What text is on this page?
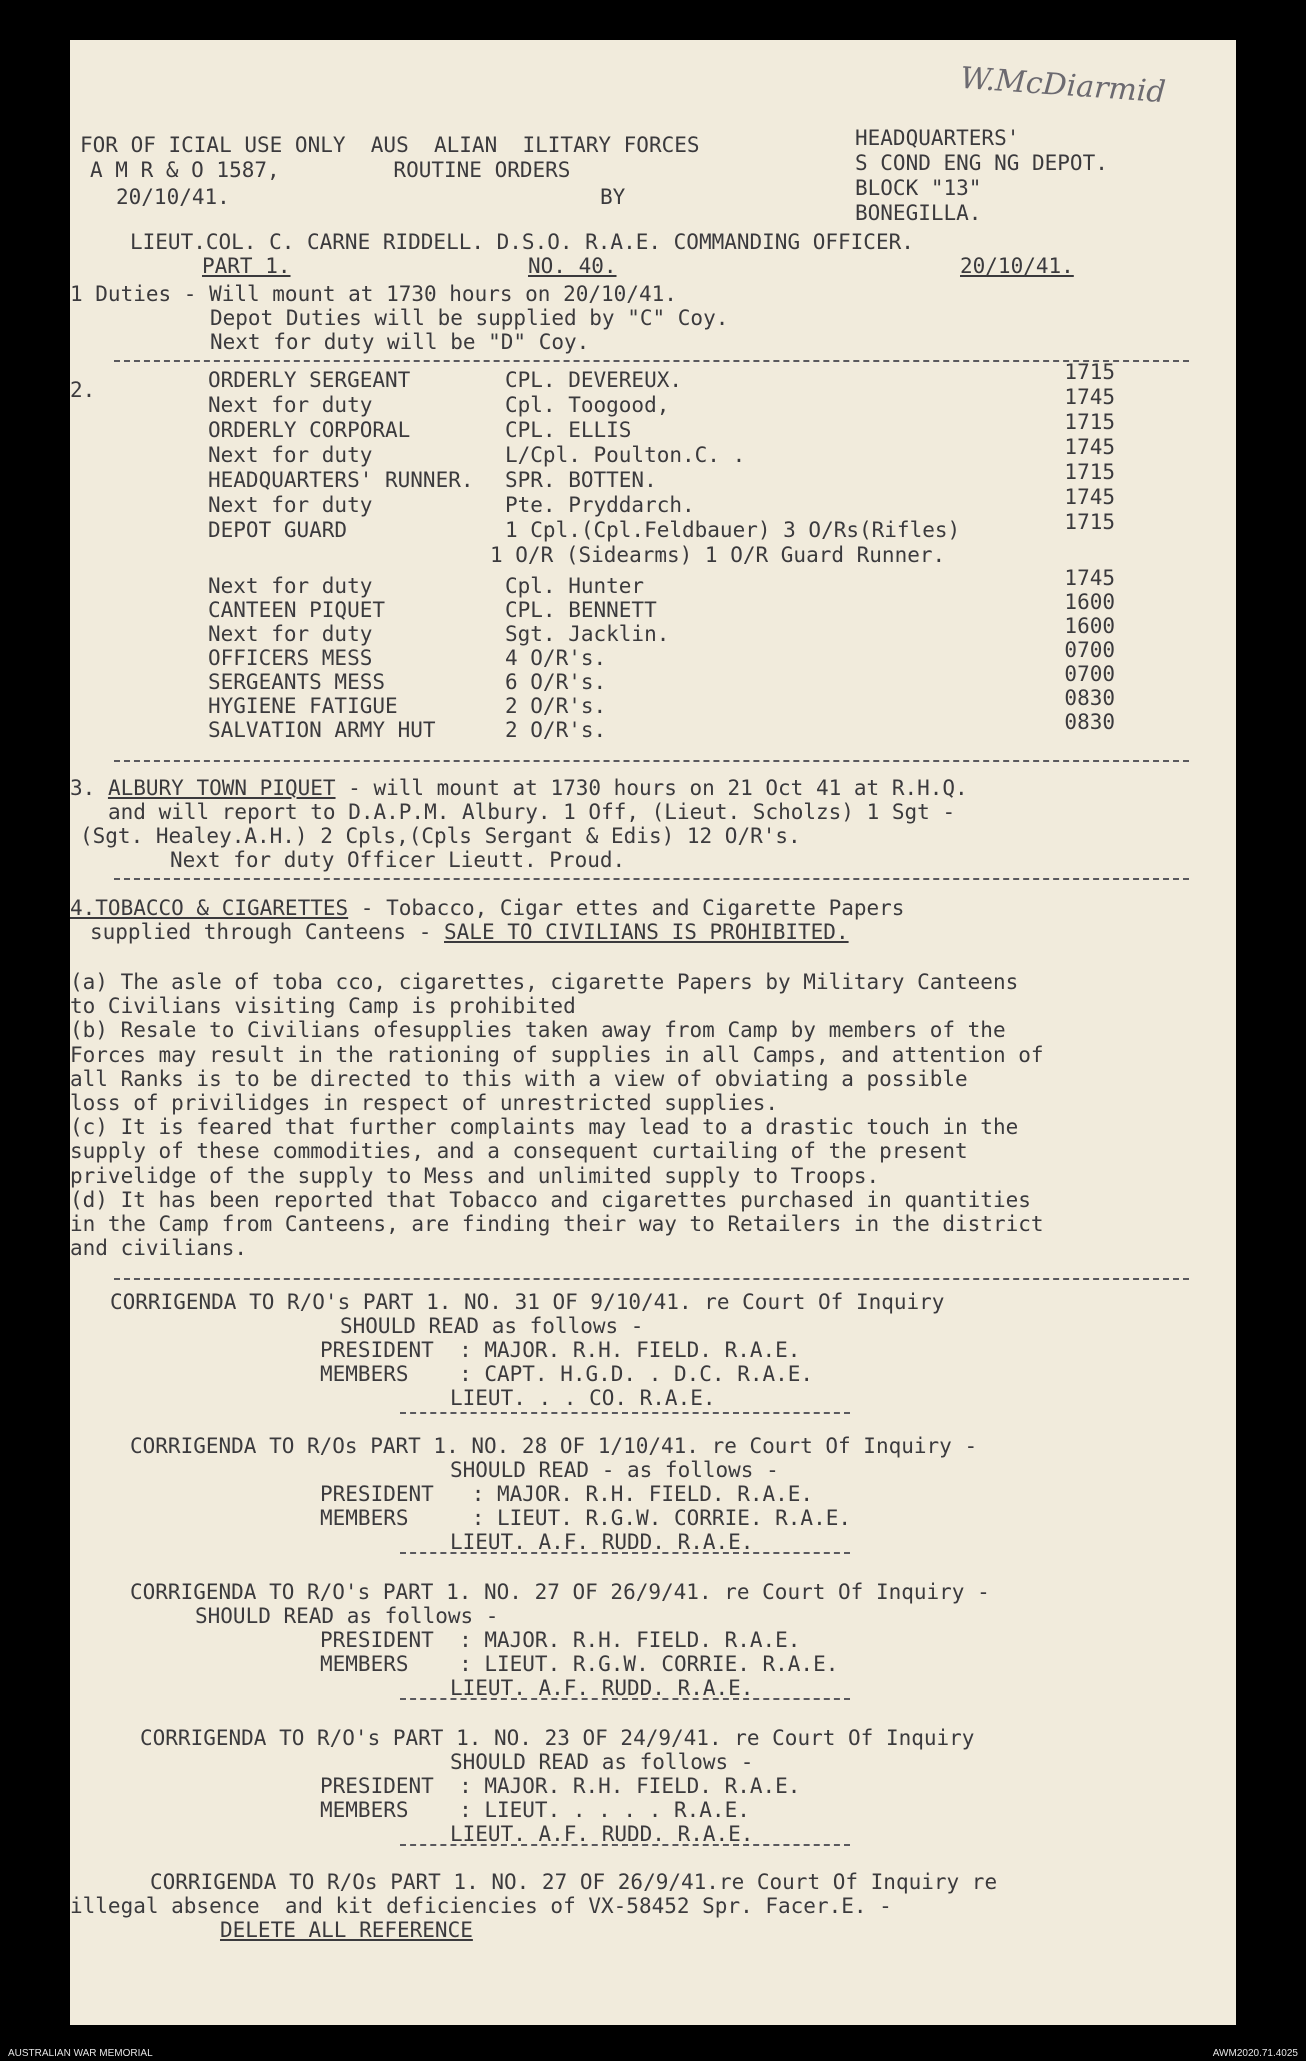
W.McDiarmid
FOR OF ICIAL USE ONLY  AUS  ALIAN  ILITARY FORCES
A M R & O 1587,         ROUTINE ORDERS
20/10/41.	BY
HEADQUARTERS'
S COND ENG NG DEPOT.
BLOCK "13"
BONEGILLA.
LIEUT.COL. C. CARNE RIDDELL. D.S.O. R.A.E. COMMANDING OFFICER.
PART 1.	NO. 40.	20/10/41.
1 Duties - Will mount at 1730 hours on 20/10/41.
Depot Duties will be supplied by "C" Coy.
Next for duty will be "D" Coy.
2.	ORDERLY SERGEANT	CPL. DEVEREUX.	1715
Next for duty	Cpl. Toogood,	1745
ORDERLY CORPORAL	CPL. ELLIS	1715
Next for duty	L/Cpl. Poulton.C. .	1745
HEADQUARTERS' RUNNER. SPR. BOTTEN.	1715
Next for duty	Pte. Pryddarch.	1745
DEPOT GUARD	1 Cpl.(Cpl.Feldbauer) 3 O/Rs(Rifles)	1715
1 O/R (Sidearms) 1 O/R Guard Runner.
Next for duty	Cpl. Hunter	1745
CANTEEN PIQUET	CPL. BENNETT	1600
Next for duty	Sgt. Jacklin.	1600
OFFICERS MESS	4 O/R's.	0700
SERGEANTS MESS	6 O/R's.	0700
HYGIENE FATIGUE	2 O/R's.	0830
SALVATION ARMY HUT	2 O/R's.	0830
3. ALBURY TOWN PIQUET - will mount at 1730 hours on 21 Oct 41 at R.H.Q.
and will report to D.A.P.M. Albury. 1 Off, (Lieut. Scholzs) 1 Sgt -
(Sgt. Healey.A.H.) 2 Cpls,(Cpls Sergant & Edis) 12 O/R's.
Next for duty Officer Lieutt. Proud.
4.TOBACCO & CIGARETTES - Tobacco, Cigar ettes and Cigarette Papers
supplied through Canteens - SALE TO CIVILIANS IS PROHIBITED.
(a) The asle of toba cco, cigarettes, cigarette Papers by Military Canteens
to Civilians visiting Camp is prohibited
(b) Resale to Civilians ofesupplies taken away from Camp by members of the
Forces may result in the rationing of supplies in all Camps, and attention of
all Ranks is to be directed to this with a view of obviating a possible
loss of privilidges in respect of unrestricted supplies.
(c) It is feared that further complaints may lead to a drastic touch in the
supply of these commodities, and a consequent curtailing of the present
privelidge of the supply to Mess and unlimited supply to Troops.
(d) It has been reported that Tobacco and cigarettes purchased in quantities
in the Camp from Canteens, are finding their way to Retailers in the district
and civilians.
CORRIGENDA TO R/O's PART 1. NO. 31 OF 9/10/41. re Court Of Inquiry
SHOULD READ as follows -
PRESIDENT  : MAJOR. R.H. FIELD. R.A.E.
MEMBERS    : CAPT. H.G.D. . D.C. R.A.E.
LIEUT. . . CO. R.A.E.
CORRIGENDA TO R/Os PART 1. NO. 28 OF 1/10/41. re Court Of Inquiry -
SHOULD READ - as follows -
PRESIDENT   : MAJOR. R.H. FIELD. R.A.E.
MEMBERS     : LIEUT. R.G.W. CORRIE. R.A.E.
LIEUT. A.F. RUDD. R.A.E.
CORRIGENDA TO R/O's PART 1. NO. 27 OF 26/9/41. re Court Of Inquiry -
SHOULD READ as follows -
PRESIDENT  : MAJOR. R.H. FIELD. R.A.E.
MEMBERS    : LIEUT. R.G.W. CORRIE. R.A.E.
LIEUT. A.F. RUDD. R.A.E.
CORRIGENDA TO R/O's PART 1. NO. 23 OF 24/9/41. re Court Of Inquiry
SHOULD READ as follows -
PRESIDENT  : MAJOR. R.H. FIELD. R.A.E.
MEMBERS    : LIEUT. . . . . R.A.E.
LIEUT. A.F. RUDD. R.A.E.
CORRIGENDA TO R/Os PART 1. NO. 27 OF 26/9/41.re Court Of Inquiry re
illegal absence  and kit deficiencies of VX-58452 Spr. Facer.E. -
DELETE ALL REFERENCE
AUSTRALIAN WAR MEMORIAL	AWM2020.71.4025
